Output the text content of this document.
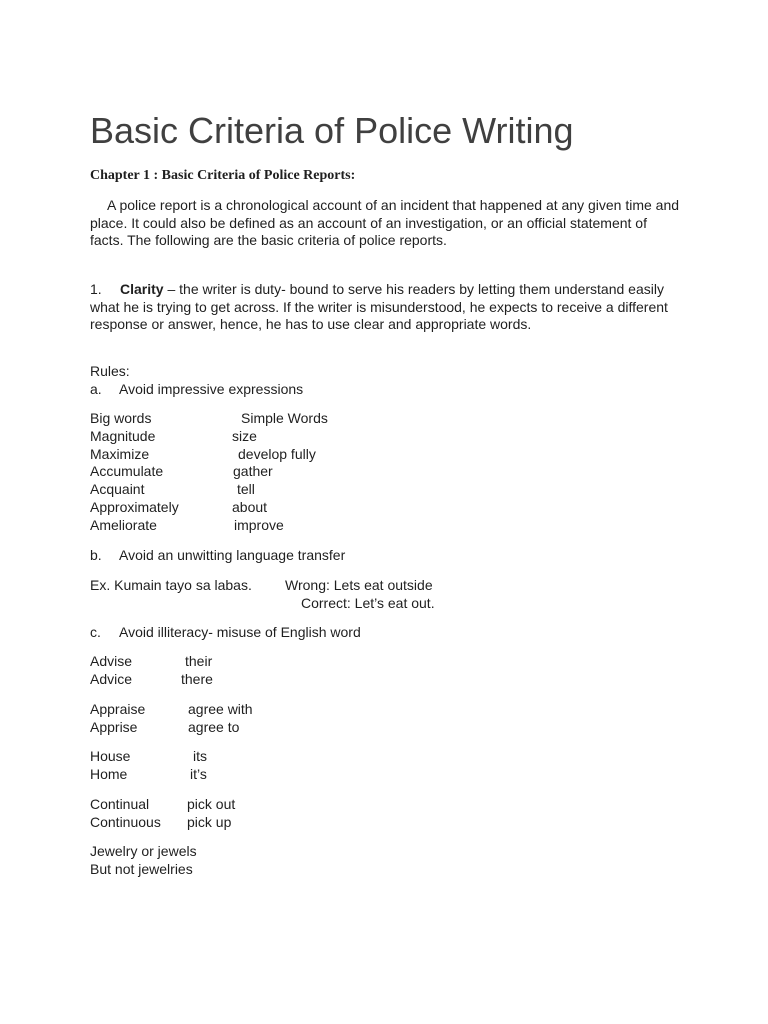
Basic Criteria of Police Writing
Chapter 1 : Basic Criteria of Police Reports:

A police report is a chronological account of an incident that happened at any given time and place. It could also be defined as an account of an investigation, or an official statement of facts. The following are the basic criteria of police reports.

1. Clarity – the writer is duty- bound to serve his readers by letting them understand easily what he is trying to get across. If the writer is misunderstood, he expects to receive a different response or answer, hence, he has to use clear and appropriate words.

Rules:

a. Avoid impressive expressions

Big words	Simple Words
Magnitude	size
Maximize	develop fully
Accumulate	gather
Acquaint	tell
Approximately	about
Ameliorate	improve

b. Avoid an unwitting language transfer

Ex. Kumain tayo sa labas. Wrong: Lets eat outside
Correct: Let’s eat out.

c. Avoid illiteracy- misuse of English word

Advise	their
Advice	there
Appraise	agree with
Apprise	agree to
House	its
Home	it’s
Continual	pick out
Continuous pick up
Jewelry or jewels
But not jewelries
